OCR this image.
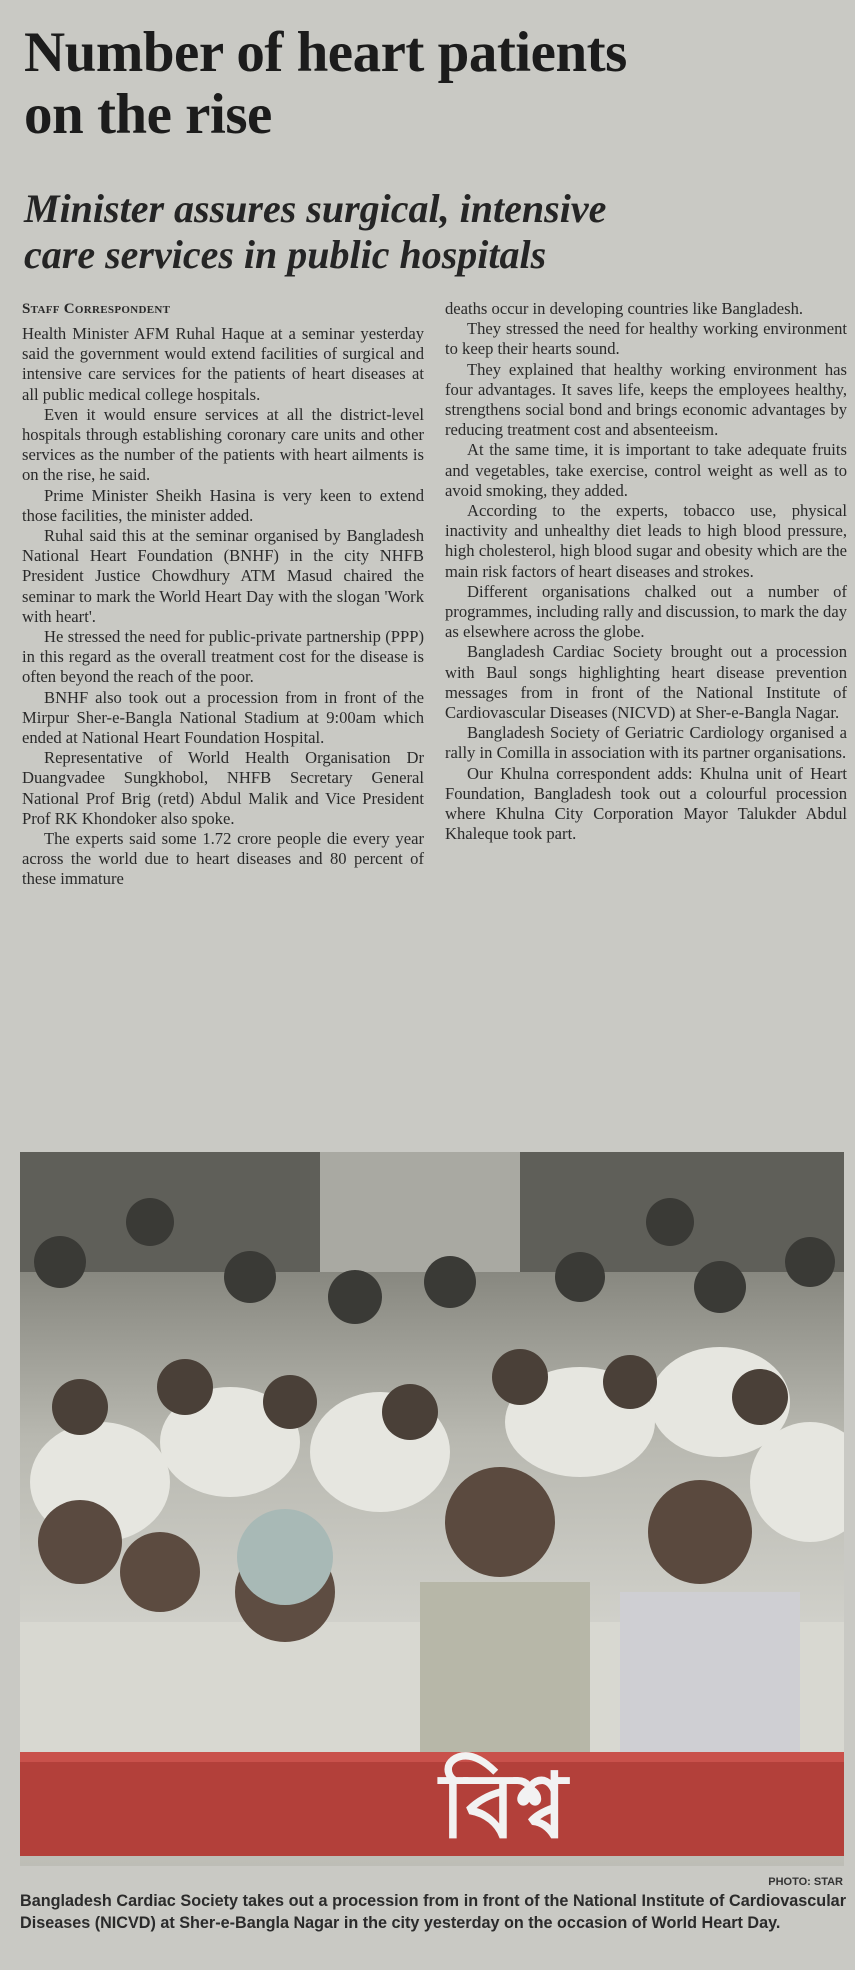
Number of heart patients
on the rise
Minister assures surgical, intensive
care services in public hospitals
Staff Correspondent

Health Minister AFM Ruhal Haque at a seminar yesterday said the government would extend facilities of surgical and intensive care services for the patients of heart diseases at all public medical college hospitals.

Even it would ensure services at all the district-level hospitals through establishing coronary care units and other services as the number of the patients with heart ailments is on the rise, he said.

Prime Minister Sheikh Hasina is very keen to extend those facilities, the minister added.

Ruhal said this at the seminar organised by Bangladesh National Heart Foundation (BNHF) in the city NHFB President Justice Chowdhury ATM Masud chaired the seminar to mark the World Heart Day with the slogan 'Work with heart'.

He stressed the need for public-private partnership (PPP) in this regard as the overall treatment cost for the disease is often beyond the reach of the poor.

BNHF also took out a procession from in front of the Mirpur Sher-e-Bangla National Stadium at 9:00am which ended at National Heart Foundation Hospital.

Representative of World Health Organisation Dr Duangvadee Sungkhobol, NHFB Secretary General National Prof Brig (retd) Abdul Malik and Vice President Prof RK Khondoker also spoke.

The experts said some 1.72 crore people die every year across the world due to heart diseases and 80 percent of these immature

deaths occur in developing countries like Bangladesh.

They stressed the need for healthy working environment to keep their hearts sound.

They explained that healthy working environment has four advantages. It saves life, keeps the employees healthy, strengthens social bond and brings economic advantages by reducing treatment cost and absenteeism.

At the same time, it is important to take adequate fruits and vegetables, take exercise, control weight as well as to avoid smoking, they added.

According to the experts, tobacco use, physical inactivity and unhealthy diet leads to high blood pressure, high cholesterol, high blood sugar and obesity which are the main risk factors of heart diseases and strokes.

Different organisations chalked out a number of programmes, including rally and discussion, to mark the day as elsewhere across the globe.

Bangladesh Cardiac Society brought out a procession with Baul songs highlighting heart disease prevention messages from in front of the National Institute of Cardiovascular Diseases (NICVD) at Sher-e-Bangla Nagar.

Bangladesh Society of Geriatric Cardiology organised a rally in Comilla in association with its partner organisations.

Our Khulna correspondent adds: Khulna unit of Heart Foundation, Bangladesh took out a colourful procession where Khulna City Corporation Mayor Talukder Abdul Khaleque took part.

বিশ্ব
PHOTO: STAR
Bangladesh Cardiac Society takes out a procession from in front of the National Institute of Cardiovascular Diseases (NICVD) at Sher-e-Bangla Nagar in the city yesterday on the occasion of World Heart Day.
